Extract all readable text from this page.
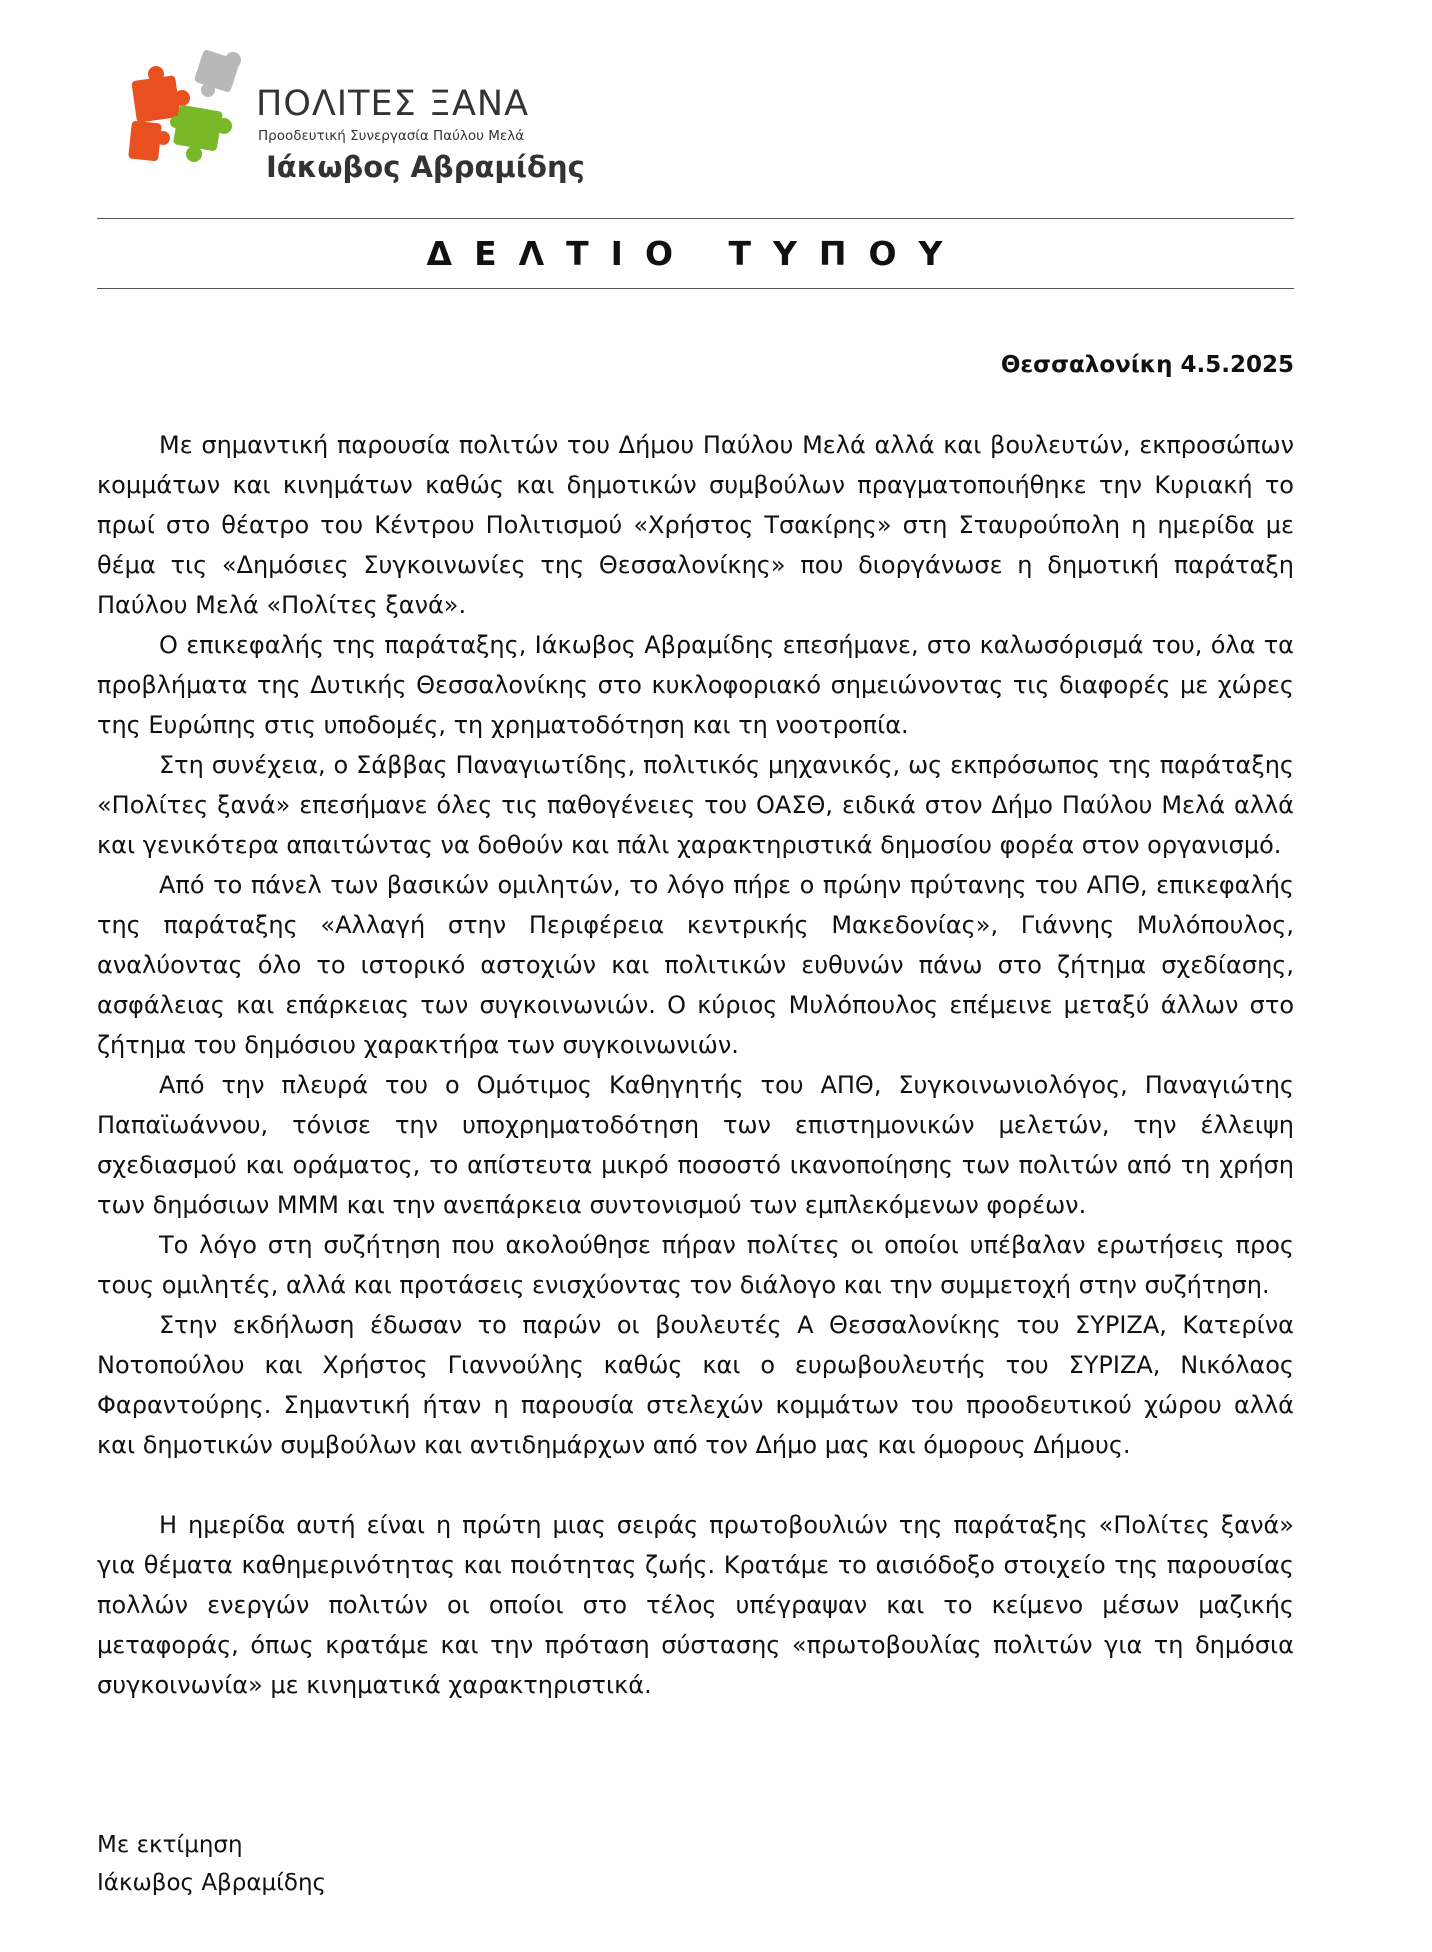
ΠΟΛΙΤΕΣ ΞΑΝΑ
Προοδευτική Συνεργασία Παύλου Μελά
Ιάκωβος Αβραμίδης
ΔΕΛΤΙΟ ΤΥΠΟΥ
Θεσσαλονίκη 4.5.2025

Με σημαντική παρουσία πολιτών του Δήμου Παύλου Μελά αλλά και βουλευτών, εκπροσώπων κομμάτων και κινημάτων καθώς και δημοτικών συμβούλων πραγματοποιήθηκε την Κυριακή το πρωί στο θέατρο του Κέντρου Πολιτισμού «Χρήστος Τσακίρης» στη Σταυρούπολη η ημερίδα με θέμα τις «Δημόσιες Συγκοινωνίες της Θεσσαλονίκης» που διοργάνωσε η δημοτική παράταξη Παύλου Μελά «Πολίτες ξανά».

Ο επικεφαλής της παράταξης, Ιάκωβος Αβραμίδης επεσήμανε, στο καλωσόρισμά του, όλα τα προβλήματα της Δυτικής Θεσσαλονίκης στο κυκλοφοριακό σημειώνοντας τις διαφορές με χώρες της Ευρώπης στις υποδομές, τη χρηματοδότηση και τη νοοτροπία.

Στη συνέχεια, ο Σάββας Παναγιωτίδης, πολιτικός μηχανικός, ως εκπρόσωπος της παράταξης «Πολίτες ξανά» επεσήμανε όλες τις παθογένειες του ΟΑΣΘ, ειδικά στον Δήμο Παύλου Μελά αλλά και γενικότερα απαιτώντας να δοθούν και πάλι χαρακτηριστικά δημοσίου φορέα στον οργανισμό.

Από το πάνελ των βασικών ομιλητών, το λόγο πήρε ο πρώην πρύτανης του ΑΠΘ, επικεφαλής της παράταξης «Αλλαγή στην Περιφέρεια κεντρικής Μακεδονίας», Γιάννης Μυλόπουλος, αναλύοντας όλο το ιστορικό αστοχιών και πολιτικών ευθυνών πάνω στο ζήτημα σχεδίασης, ασφάλειας και επάρκειας των συγκοινωνιών. Ο κύριος Μυλόπουλος επέμεινε μεταξύ άλλων στο ζήτημα του δημόσιου χαρακτήρα των συγκοινωνιών.

Από την πλευρά του ο Ομότιμος Καθηγητής του ΑΠΘ, Συγκοινωνιολόγος, Παναγιώτης Παπαϊωάννου, τόνισε την υποχρηματοδότηση των επιστημονικών μελετών, την έλλειψη σχεδιασμού και οράματος, το απίστευτα μικρό ποσοστό ικανοποίησης των πολιτών από τη χρήση των δημόσιων ΜΜΜ και την ανεπάρκεια συντονισμού των εμπλεκόμενων φορέων.

Το λόγο στη συζήτηση που ακολούθησε πήραν πολίτες οι οποίοι υπέβαλαν ερωτήσεις προς τους ομιλητές, αλλά και προτάσεις ενισχύοντας τον διάλογο και την συμμετοχή στην συζήτηση.

Στην εκδήλωση έδωσαν το παρών οι βουλευτές Α Θεσσαλονίκης του ΣΥΡΙΖΑ, Κατερίνα Νοτοπούλου και Χρήστος Γιαννούλης καθώς και ο ευρωβουλευτής του ΣΥΡΙΖΑ, Νικόλαος Φαραντούρης. Σημαντική ήταν η παρουσία στελεχών κομμάτων του προοδευτικού χώρου αλλά και δημοτικών συμβούλων και αντιδημάρχων από τον Δήμο μας και όμορους Δήμους.

Η ημερίδα αυτή είναι η πρώτη μιας σειράς πρωτοβουλιών της παράταξης «Πολίτες ξανά» για θέματα καθημερινότητας και ποιότητας ζωής. Κρατάμε το αισιόδοξο στοιχείο της παρουσίας πολλών ενεργών πολιτών οι οποίοι στο τέλος υπέγραψαν και το κείμενο μέσων μαζικής μεταφοράς, όπως κρατάμε και την πρόταση σύστασης «πρωτοβουλίας πολιτών για τη δημόσια συγκοινωνία» με κινηματικά χαρακτηριστικά.

Με εκτίμηση
Ιάκωβος Αβραμίδης
